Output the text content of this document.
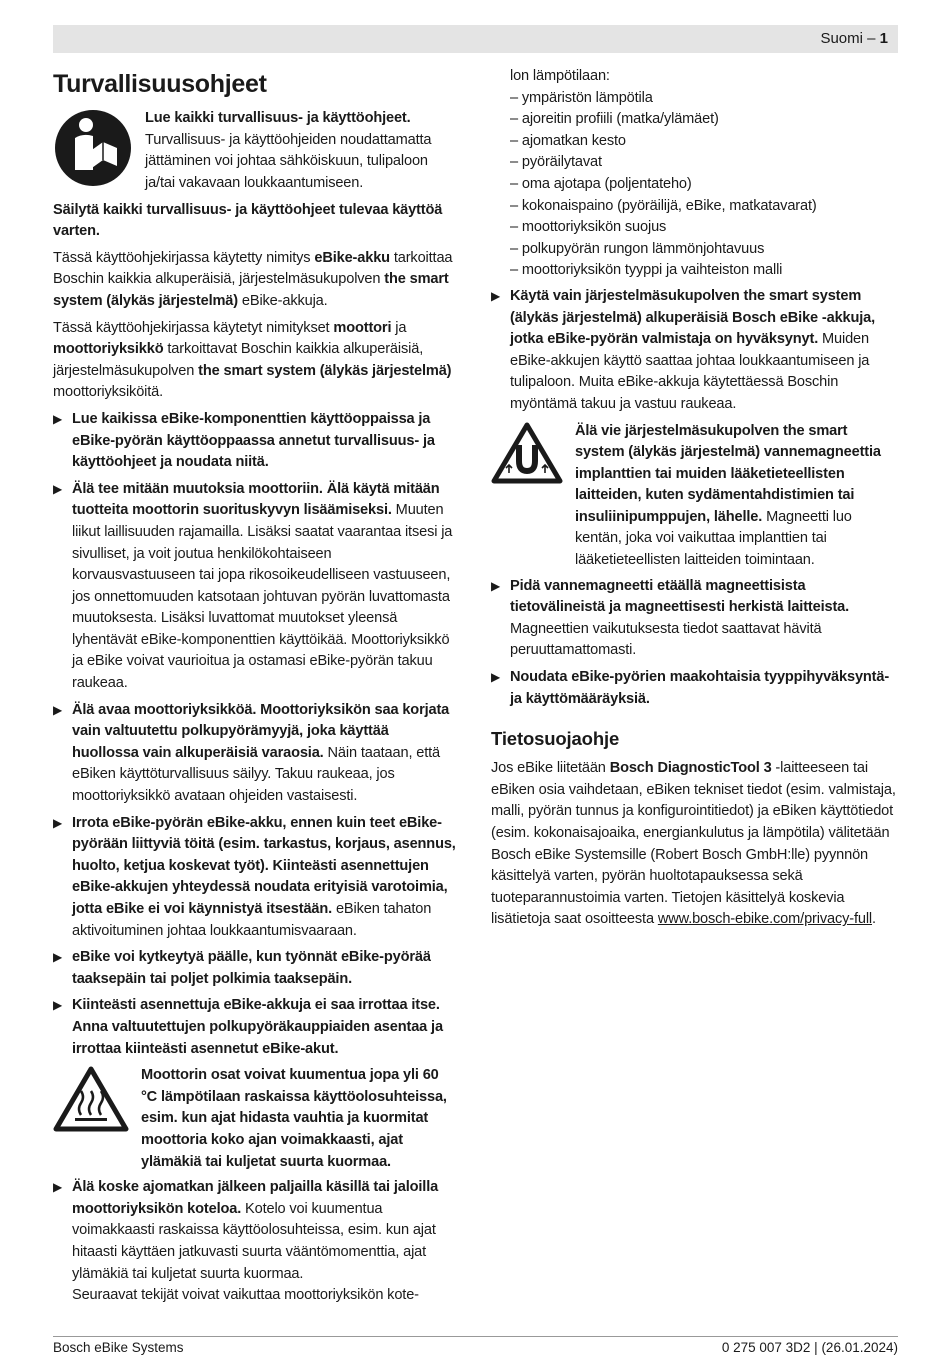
Suomi – 1
Turvallisuusohjeet

Lue kaikki turvallisuus- ja käyttöohjeet. Turvallisuus- ja käyttöohjeiden noudattamatta jättäminen voi johtaa sähköiskuun, tulipaloon ja/tai vakavaan loukkaantumiseen.

Säilytä kaikki turvallisuus- ja käyttöohjeet tulevaa käyttöä varten.

Tässä käyttöohjekirjassa käytetty nimitys eBike-akku tarkoittaa Boschin kaikkia alkuperäisiä, järjestelmäsukupolven the smart system (älykäs järjestelmä) eBike-akkuja.

Tässä käyttöohjekirjassa käytetyt nimitykset moottori ja moottoriyksikkö tarkoittavat Boschin kaikkia alkuperäisiä, järjestelmäsukupolven the smart system (älykäs järjestelmä) moottoriyksiköitä.

▶ Lue kaikissa eBike-komponenttien käyttöoppaissa ja eBike-pyörän käyttöoppaassa annetut turvallisuus- ja käyttöohjeet ja noudata niitä.
▶ Älä tee mitään muutoksia moottoriin. Älä käytä mitään tuotteita moottorin suorituskyvyn lisäämiseksi. Muuten liikut laillisuuden rajamailla. Lisäksi saatat vaarantaa itsesi ja sivulliset, ja voit joutua henkilökohtaiseen korvausvastuuseen tai jopa rikosoikeudelliseen vastuuseen, jos onnettomuuden katsotaan johtuvan pyörän luvattomasta muutoksesta. Lisäksi luvattomat muutokset yleensä lyhentävät eBike-komponenttien käyttöikää. Moottoriyksikkö ja eBike voivat vaurioitua ja ostamasi eBike-pyörän takuu raukeaa.
▶ Älä avaa moottoriyksikköä. Moottoriyksikön saa korjata vain valtuutettu polkupyörämyyjä, joka käyttää huollossa vain alkuperäisiä varaosia. Näin taataan, että eBiken käyttöturvallisuus säilyy. Takuu raukeaa, jos moottoriyksikkö avataan ohjeiden vastaisesti.
▶ Irrota eBike-pyörän eBike-akku, ennen kuin teet eBike-pyörään liittyviä töitä (esim. tarkastus, korjaus, asennus, huolto, ketjua koskevat työt). Kiinteästi asennettujen eBike-akkujen yhteydessä noudata erityisiä varotoimia, jotta eBike ei voi käynnistyä itsestään. eBiken tahaton aktivoituminen johtaa loukkaantumisvaaraan.
▶ eBike voi kytkeytyä päälle, kun työnnät eBike-pyörää taaksepäin tai poljet polkimia taaksepäin.
▶ Kiinteästi asennettuja eBike-akkuja ei saa irrottaa itse. Anna valtuutettujen polkupyöräkauppiaiden asentaa ja irrottaa kiinteästi asennetut eBike-akut.

Moottorin osat voivat kuumentua jopa yli 60 °C lämpötilaan raskaissa käyttöolosuhteissa, esim. kun ajat hidasta vauhtia ja kuormitat moottoria koko ajan voimakkaasti, ajat ylämäkiä tai kuljetat suurta kuormaa.

▶ Älä koske ajomatkan jälkeen paljailla käsillä tai jaloilla moottoriyksikön koteloa. Kotelo voi kuumentua voimakkaasti raskaissa käyttöolosuhteissa, esim. kun ajat hitaasti käyttäen jatkuvasti suurta vääntömomenttia, ajat ylämäkiä tai kuljetat suurta kuormaa.
Seuraavat tekijät voivat vaikuttaa moottoriyksikön kote-
lon lämpötilaan:
– ympäristön lämpötila
– ajoreitin profiili (matka/ylämäet)
– ajomatkan kesto
– pyöräilytavat
– oma ajotapa (poljentateho)
– kokonaispaino (pyöräilijä, eBike, matkatavarat)
– moottoriyksikön suojus
– polkupyörän rungon lämmönjohtavuus
– moottoriyksikön tyyppi ja vaihteiston malli
▶ Käytä vain järjestelmäsukupolven the smart system (älykäs järjestelmä) alkuperäisiä Bosch eBike -akkuja, jotka eBike-pyörän valmistaja on hyväksynyt. Muiden eBike-akkujen käyttö saattaa johtaa loukkaantumiseen ja tulipaloon. Muita eBike-akkuja käytettäessä Boschin myöntämä takuu ja vastuu raukeaa.

Älä vie järjestelmäsukupolven the smart system (älykäs järjestelmä) vannemagneettia implanttien tai muiden lääketieteellisten laitteiden, kuten sydämentahdistimien tai insuliinipumppujen, lähelle. Magneetti luo kentän, joka voi vaikuttaa implanttien tai lääketieteellisten laitteiden toimintaan.

▶ Pidä vannemagneetti etäällä magneettisista tietovälineistä ja magneettisesti herkistä laitteista. Magneettien vaikutuksesta tiedot saattavat hävitä peruuttamattomasti.
▶ Noudata eBike-pyörien maakohtaisia tyyppihyväksyntä- ja käyttömääräyksiä.
Tietosuojaohje

Jos eBike liitetään Bosch DiagnosticTool 3 -laitteeseen tai eBiken osia vaihdetaan, eBiken tekniset tiedot (esim. valmistaja, malli, pyörän tunnus ja konfigurointitiedot) ja eBiken käyttötiedot (esim. kokonaisajoaika, energiankulutus ja lämpötila) välitetään Bosch eBike Systemsille (Robert Bosch GmbH:lle) pyynnön käsittelyä varten, pyörän huoltotapauksessa sekä tuoteparannustoimia varten. Tietojen käsittelyä koskevia lisätietoja saat osoitteesta www.bosch-ebike.com/privacy-full.

Bosch eBike Systems	0 275 007 3D2 | (26.01.2024)
